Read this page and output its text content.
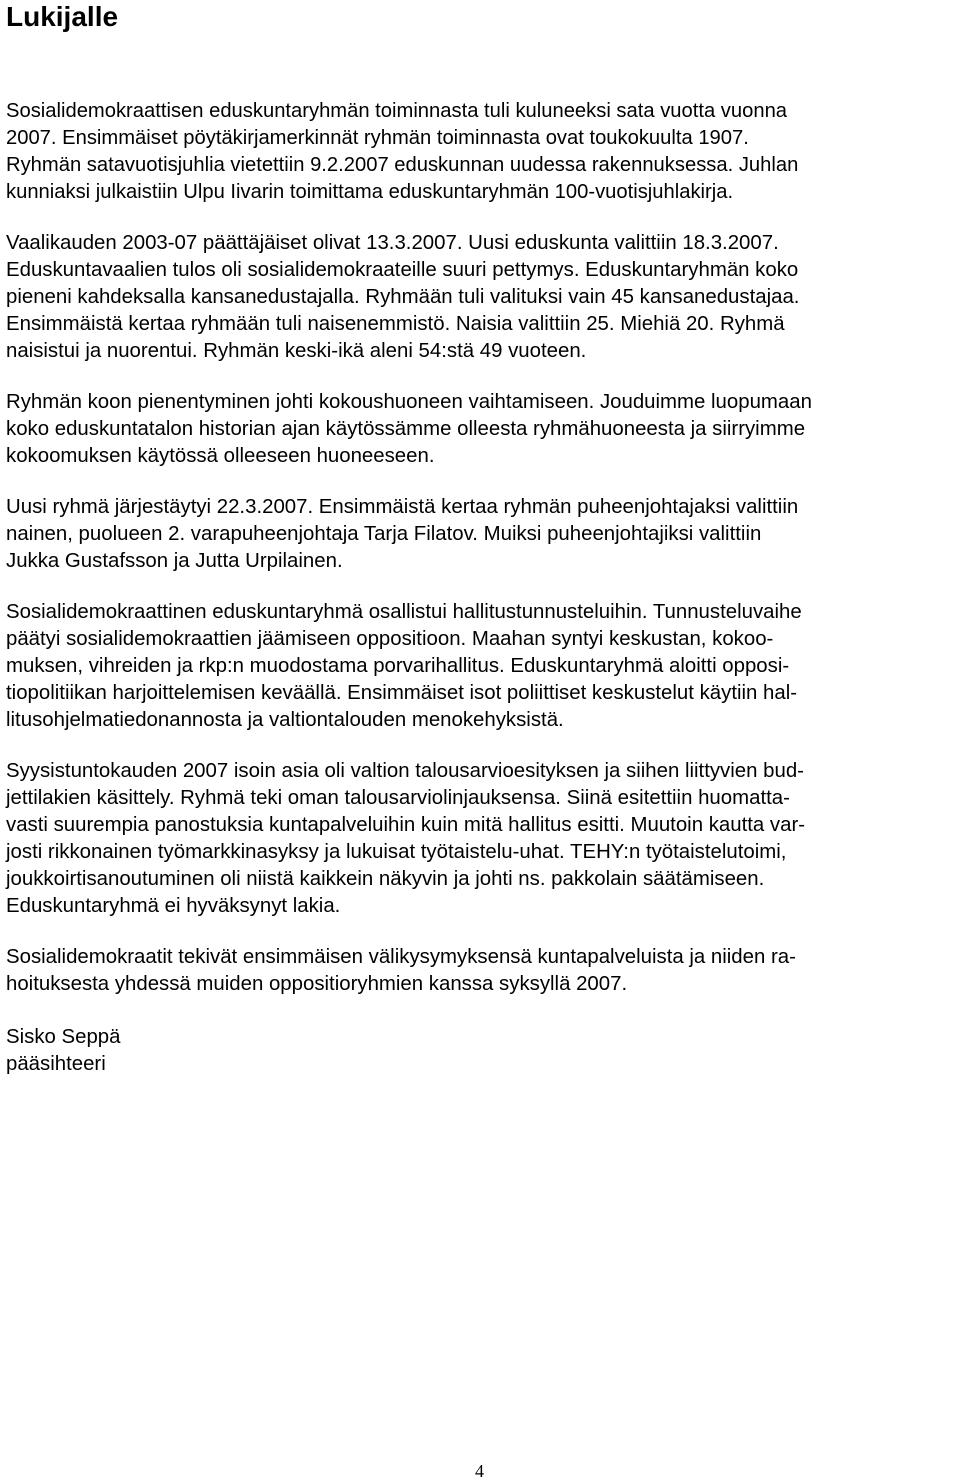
Lukijalle

Sosialidemokraattisen eduskuntaryhmän toiminnasta tuli kuluneeksi sata vuotta vuonna
2007. Ensimmäiset pöytäkirjamerkinnät ryhmän toiminnasta ovat toukokuulta 1907.
Ryhmän satavuotisjuhlia vietettiin 9.2.2007 eduskunnan uudessa rakennuksessa. Juhlan
kunniaksi julkaistiin Ulpu Iivarin toimittama eduskuntaryhmän 100-vuotisjuhlakirja.

Vaalikauden 2003-07 päättäjäiset olivat 13.3.2007. Uusi eduskunta valittiin 18.3.2007.
Eduskuntavaalien tulos oli sosialidemokraateille suuri pettymys. Eduskuntaryhmän koko
pieneni kahdeksalla kansanedustajalla. Ryhmään tuli valituksi vain 45 kansanedustajaa.
Ensimmäistä kertaa ryhmään tuli naisenemmistö. Naisia valittiin 25. Miehiä 20. Ryhmä
naisistui ja nuorentui. Ryhmän keski-ikä aleni 54:stä 49 vuoteen.

Ryhmän koon pienentyminen johti kokoushuoneen vaihtamiseen. Jouduimme luopumaan
koko eduskuntatalon historian ajan käytössämme olleesta ryhmähuoneesta ja siirryimme
kokoomuksen käytössä olleeseen huoneeseen.

Uusi ryhmä järjestäytyi 22.3.2007. Ensimmäistä kertaa ryhmän puheenjohtajaksi valittiin
nainen, puolueen 2. varapuheenjohtaja Tarja Filatov. Muiksi puheenjohtajiksi valittiin
Jukka Gustafsson ja Jutta Urpilainen.

Sosialidemokraattinen eduskuntaryhmä osallistui hallitustunnusteluihin. Tunnusteluvaihe
päätyi sosialidemokraattien jäämiseen oppositioon. Maahan syntyi keskustan, kokoo-
muksen, vihreiden ja rkp:n muodostama porvarihallitus. Eduskuntaryhmä aloitti opposi-
tiopolitiikan harjoittelemisen keväällä. Ensimmäiset isot poliittiset keskustelut käytiin hal-
litusohjelmatiedonannosta ja valtiontalouden menokehyksistä.

Syysistuntokauden 2007 isoin asia oli valtion talousarvioesityksen ja siihen liittyvien bud-
jettilakien käsittely. Ryhmä teki oman talousarviolinjauksensa. Siinä esitettiin huomatta-
vasti suurempia panostuksia kuntapalveluihin kuin mitä hallitus esitti. Muutoin kautta var-
josti rikkonainen työmarkkinasyksy ja lukuisat työtaistelu-uhat. TEHY:n työtaistelutoimi,
joukkoirtisanoutuminen oli niistä kaikkein näkyvin ja johti ns. pakkolain säätämiseen.
Eduskuntaryhmä ei hyväksynyt lakia.

Sosialidemokraatit tekivät ensimmäisen välikysymyksensä kuntapalveluista ja niiden ra-
hoituksesta yhdessä muiden oppositioryhmien kanssa syksyllä 2007.

Sisko Seppä
pääsihteeri
4
